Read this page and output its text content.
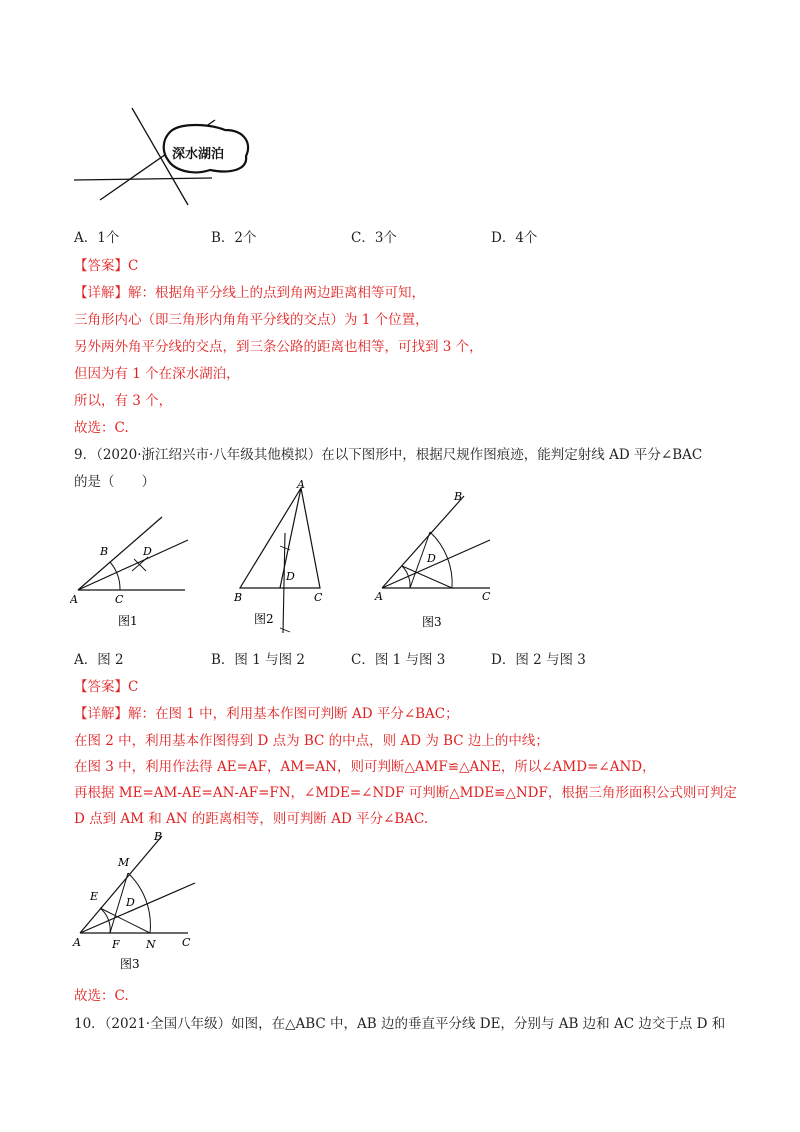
深水湖泊
A．1个	B．2个	C．3个	D．4个
【答案】C
【详解】解：根据角平分线上的点到角两边距离相等可知，
三角形内心（即三角形内角角平分线的交点）为 1 个位置，
另外两外角平分线的交点，到三条公路的距离也相等，可找到 3 个，
但因为有 1 个在深水湖泊，
所以，有 3 个，
故选：C.
9．（2020·浙江绍兴市·八年级其他模拟）在以下图形中，根据尺规作图痕迹，能判定射线 AD 平分∠BAC
的是（　　）
B	D
A	C
图1
A
D
B	C
图2
B
D
A	C
图3
A．图 2	B．图 1 与图 2	C．图 1 与图 3	D．图 2 与图 3
【答案】C
【详解】解：在图 1 中，利用基本作图可判断 AD 平分∠BAC；
在图 2 中，利用基本作图得到 D 点为 BC 的中点，则 AD 为 BC 边上的中线；
在图 3 中，利用作法得 AE=AF，AM=AN，则可判断△AMF≌△ANE，所以∠AMD=∠AND，
再根据 ME=AM-AE=AN-AF=FN，∠MDE=∠NDF 可判断△MDE≌△NDF，根据三角形面积公式则可判定
D 点到 AM 和 AN 的距离相等，则可判断 AD 平分∠BAC.
B
M
E	D
A	F N C
图3
故选：C.
10．（2021·全国八年级）如图，在△ABC 中，AB 边的垂直平分线 DE，分别与 AB 边和 AC 边交于点 D 和
